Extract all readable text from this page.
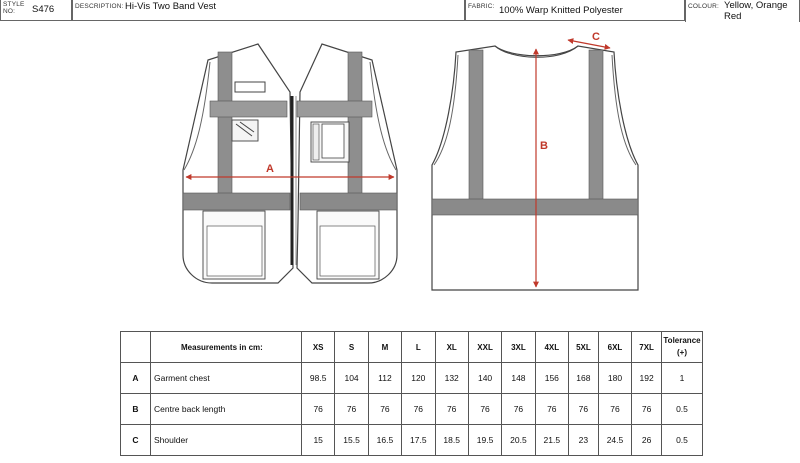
STYLE NO:	S476	DESCRIPTION: Hi-Vis Two Band Vest	FABRIC: 100% Warp Knitted Polyester	COLOUR: Yellow, Orange Red
A
B
C
	Measurements in cm:	XS	S	M	L	XL	XXL	3XL	4XL	5XL	6XL	7XL	Tolerance (+)
A	Garment chest	98.5	104	112	120	132	140	148	156	168	180	192	1
B	Centre back length	76	76	76	76	76	76	76	76	76	76	76	0.5
C	Shoulder	15	15.5	16.5	17.5	18.5	19.5	20.5	21.5	23	24.5	26	0.5
